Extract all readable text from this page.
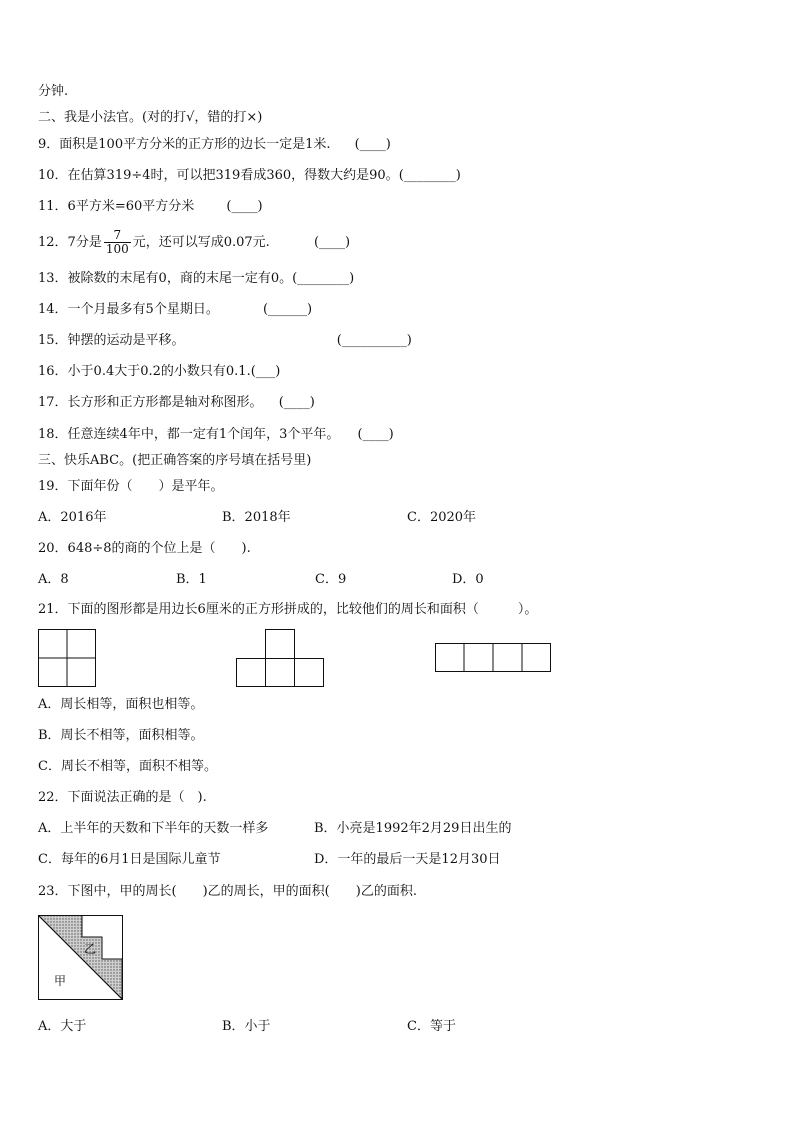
分钟.
二、我是小法官。(对的打√，错的打×)
9．面积是100平方分米的正方形的边长一定是1米. (____)
10．在估算319÷4时，可以把319看成360，得数大约是90。(________)
11．6平方米=60平方分米 (____)
12．7分是 $\frac{7}{100}$ 元，还可以写成0.07元.	(____)
13．被除数的末尾有0，商的末尾一定有0。(________)
14．一个月最多有5个星期日。	(______)
15．钟摆的运动是平移。	(__________)
16．小于0.4大于0.2的小数只有0.1.(___)
17．长方形和正方形都是轴对称图形。 (____)
18．任意连续4年中，都一定有1个闰年，3个平年。 (____)
三、快乐ABC。(把正确答案的序号填在括号里)
19．下面年份（　　）是平年。
A．2016年	B．2018年	C．2020年
20．648÷8的商的个位上是（　　).
A．8	B．1	C．9	D．0
21．下面的图形都是用边长6厘米的正方形拼成的，比较他们的周长和面积（　　　）。
A．周长相等，面积也相等。
B．周长不相等，面积相等。
C．周长不相等，面积不相等。
22．下面说法正确的是（　).
A．上半年的天数和下半年的天数一样多	B．小亮是1992年2月29日出生的
C．每年的6月1日是国际儿童节	D．一年的最后一天是12月30日
23．下图中，甲的周长(　　)乙的周长，甲的面积(　　)乙的面积.
甲
乙
A．大于	B．小于	C．等于
